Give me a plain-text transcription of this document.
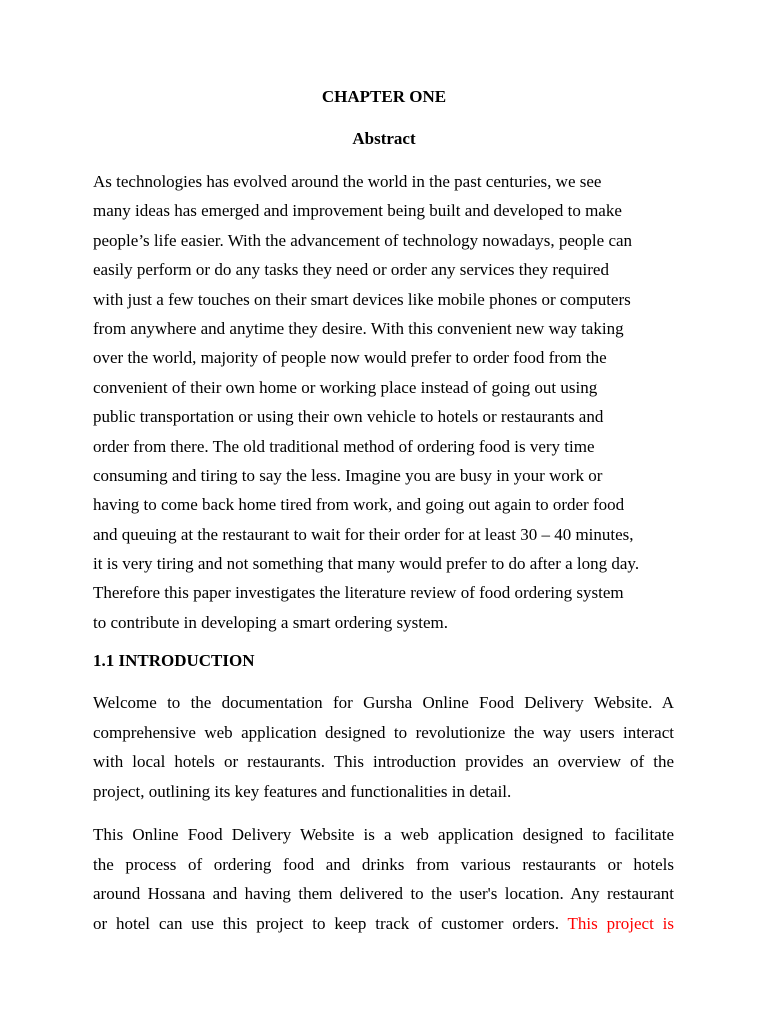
CHAPTER ONE
Abstract
As technologies has evolved around the world in the past centuries, we see
many ideas has emerged and improvement being built and developed to make
people’s life easier. With the advancement of technology nowadays, people can
easily perform or do any tasks they need or order any services they required
with just a few touches on their smart devices like mobile phones or computers
from anywhere and anytime they desire. With this convenient new way taking
over the world, majority of people now would prefer to order food from the
convenient of their own home or working place instead of going out using
public transportation or using their own vehicle to hotels or restaurants and
order from there. The old traditional method of ordering food is very time
consuming and tiring to say the less. Imagine you are busy in your work or
having to come back home tired from work, and going out again to order food
and queuing at the restaurant to wait for their order for at least 30 – 40 minutes,
it is very tiring and not something that many would prefer to do after a long day.
Therefore this paper investigates the literature review of food ordering system
to contribute in developing a smart ordering system.
1.1 INTRODUCTION
Welcome to the documentation for Gursha Online Food Delivery Website. A
comprehensive web application designed to revolutionize the way users interact
with local hotels or restaurants. This introduction provides an overview of the
project, outlining its key features and functionalities in detail.
This Online Food Delivery Website is a web application designed to facilitate
the process of ordering food and drinks from various restaurants or hotels
around Hossana and having them delivered to the user's location. Any restaurant
or hotel can use this project to keep track of customer orders. This project is
